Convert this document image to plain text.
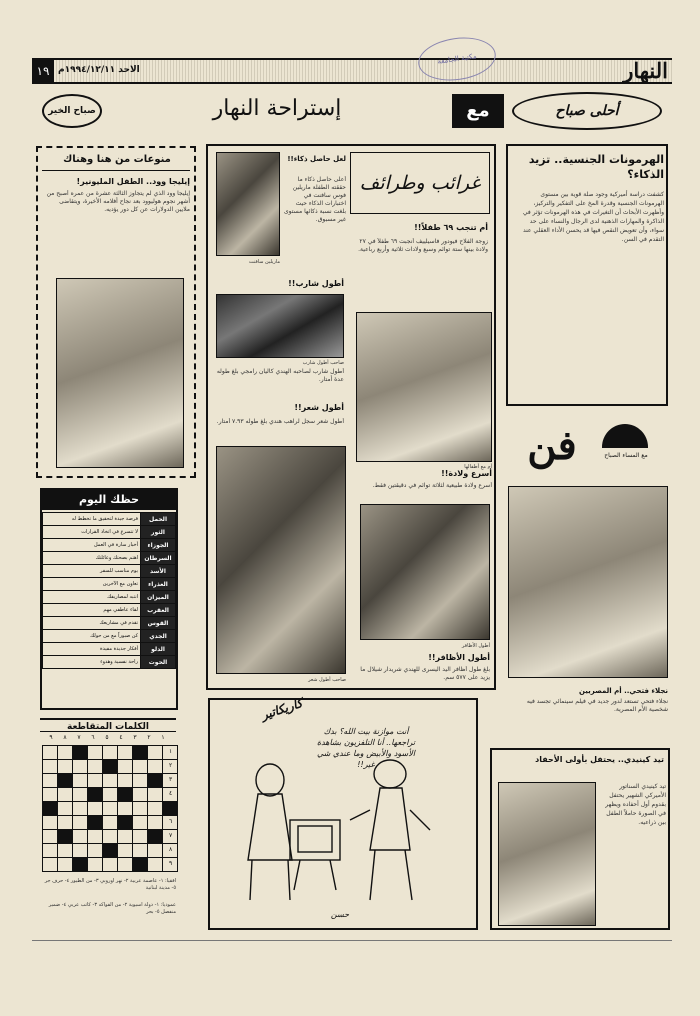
١٩ الاحد ١٩٩٤/١٢/١١م	النهار
مكتبة الجامعة
صباح الخير	إستراحة النهار	مع	أحلى صباح
منوعات من هنا وهناك
إيليجا وود.. الطفل المليونير!
إيليجا وود الذي لم يتجاوز الثالثة عشرة من عمره أصبح من أشهر نجوم هوليوود بعد نجاح أفلامه الأخيرة، ويتقاضى ملايين الدولارات عن كل دور يؤديه.
حظك اليوم
الحمل	فرصة جيدة لتحقيق ما تخطط له
الثور	لا تتسرع في اتخاذ القرارات
الجوزاء	أخبار سارة في العمل
السرطان	اهتم بصحتك وعائلتك
الأسد	يوم مناسب للسفر
العذراء	تعاون مع الآخرين
الميزان	انتبه لمصاريفك
العقرب	لقاء عاطفي مهم
القوس	تقدم في مشاريعك
الجدي	كن صبوراً مع من حولك
الدلو	أفكار جديدة مفيدة
الحوت	راحة نفسية وهدوء
الكلمات المتقاطعة
١
٢
٣
٤
٥
٦
٧
٨
٩

١
٢
٣
٤
٥
٦
٧
٨
٩
أفقياً: ١- عاصمة عربية ٢- نهر أوروبي ٣- من الطيور ٤- حرف جر ٥- مدينة لبنانية
عمودياً: ١- دولة آسيوية ٢- من الفواكه ٣- كاتب عربي ٤- ضمير منفصل ٥- بحر
غرائب وطرائف
ماريلين سافنت
لعل حاصل ذكاء!!
أعلى حاصل ذكاء ما حققته الطفلة ماريلين فوس سافنت في اختبارات الذكاء حيث بلغت نسبة ذكائها مستوى غير مسبوق.
أم تنجب ٦٩ طفلاً!!
زوجة الفلاح فيودور فاسيلييف أنجبت ٦٩ طفلاً في ٢٧ ولادة بينها ستة توائم وسبع ولادات ثلاثية وأربع رباعية.
أطول شارب!!
صاحب أطول شارب
أطول شارب لصاحبه الهندي كاليان رامجي بلغ طوله عدة أمتار.
أم مع أطفالها
أطول شعر!!
أطول شعر سجل لراهب هندي بلغ طوله ٧.٩٣ أمتار.
صاحب أطول شعر
أسرع ولادة!!
أسرع ولادة طبيعية لثلاثة توائم في دقيقتين فقط.
أطول الأظافر
أطول الأظافر!!
بلغ طول أظافر اليد اليسرى للهندي شريدار شيلال ما يزيد على ٥٧٧ سم.
كاريكاتير
أنت موازنة بيت الله؟ بدك تراجعها.. أنا التلفزيون بشاهدة الأسود والأبيض وما عندي شي غير!!
حسن
الهرمونات الجنسية.. تزيد الذكاء؟
كشفت دراسة أميركية وجود صلة قوية بين مستوى الهرمونات الجنسية وقدرة المخ على التفكير والتركيز، وأظهرت الأبحاث أن التغيرات في هذه الهرمونات تؤثر في الذاكرة والمهارات الذهنية لدى الرجال والنساء على حد سواء، وأن تعويض النقص فيها قد يحسن الأداء العقلي عند التقدم في السن.
فن	مع المساء الصباح
نجلاء فتحي.. أم المصريين
نجلاء فتحي تستعد لدور جديد في فيلم سينمائي تجسد فيه شخصية الأم المصرية.
تيد كينيدي.. يحتفل بأولى الأحفاد
تيد كينيدي السناتور الأميركي الشهير يحتفل بقدوم أول أحفاده ويظهر في الصورة حاملاً الطفل بين ذراعيه.
